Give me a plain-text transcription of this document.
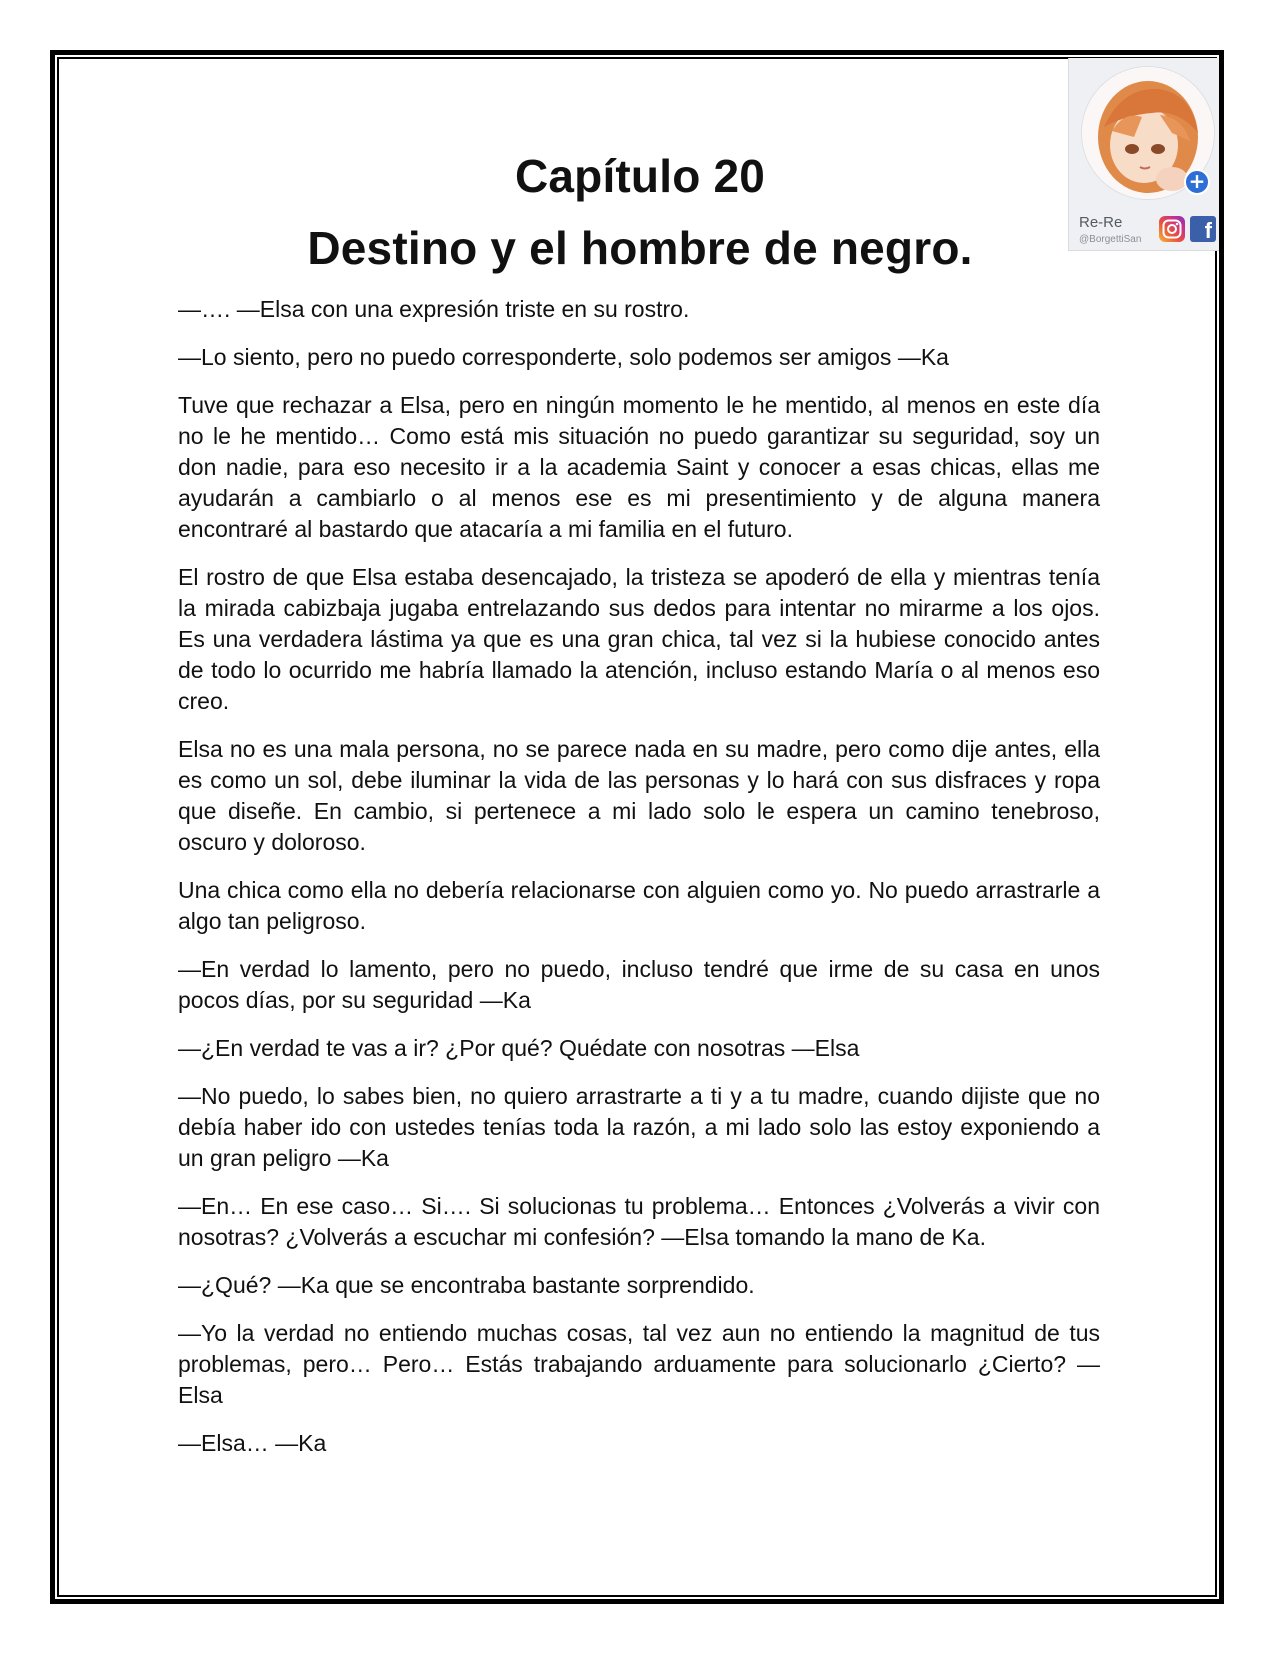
Capítulo 20
Destino y el hombre de negro.

—…. —Elsa con una expresión triste en su rostro.

—Lo siento, pero no puedo corresponderte, solo podemos ser amigos —Ka

Tuve que rechazar a Elsa, pero en ningún momento le he mentido, al menos en este día no le he mentido… Como está mis situación no puedo garantizar su seguridad, soy un don nadie, para eso necesito ir a la academia Saint y conocer a esas chicas, ellas me ayudarán a cambiarlo o al menos ese es mi presentimiento y de alguna manera encontraré al bastardo que atacaría a mi familia en el futuro.

El rostro de que Elsa estaba desencajado, la tristeza se apoderó de ella y mientras tenía la mirada cabizbaja jugaba entrelazando sus dedos para intentar no mirarme a los ojos. Es una verdadera lástima ya que es una gran chica, tal vez si la hubiese conocido antes de todo lo ocurrido me habría llamado la atención, incluso estando María o al menos eso creo.

Elsa no es una mala persona, no se parece nada en su madre, pero como dije antes, ella es como un sol, debe iluminar la vida de las personas y lo hará con sus disfraces y ropa que diseñe. En cambio, si pertenece a mi lado solo le espera un camino tenebroso, oscuro y doloroso.

Una chica como ella no debería relacionarse con alguien como yo. No puedo arrastrarle a algo tan peligroso.

—En verdad lo lamento, pero no puedo, incluso tendré que irme de su casa en unos pocos días, por su seguridad —Ka

—¿En verdad te vas a ir? ¿Por qué? Quédate con nosotras —Elsa

—No puedo, lo sabes bien, no quiero arrastrarte a ti y a tu madre, cuando dijiste que no debía haber ido con ustedes tenías toda la razón, a mi lado solo las estoy exponiendo a un gran peligro —Ka

—En… En ese caso… Si…. Si solucionas tu problema… Entonces ¿Volverás a vivir con nosotras? ¿Volverás a escuchar mi confesión? —Elsa tomando la mano de Ka.

—¿Qué? —Ka que se encontraba bastante sorprendido.

—Yo la verdad no entiendo muchas cosas, tal vez aun no entiendo la magnitud de tus problemas, pero… Pero… Estás trabajando arduamente para solucionarlo ¿Cierto? —Elsa

—Elsa… —Ka

+
Re-Re
@BorgettiSan	f
